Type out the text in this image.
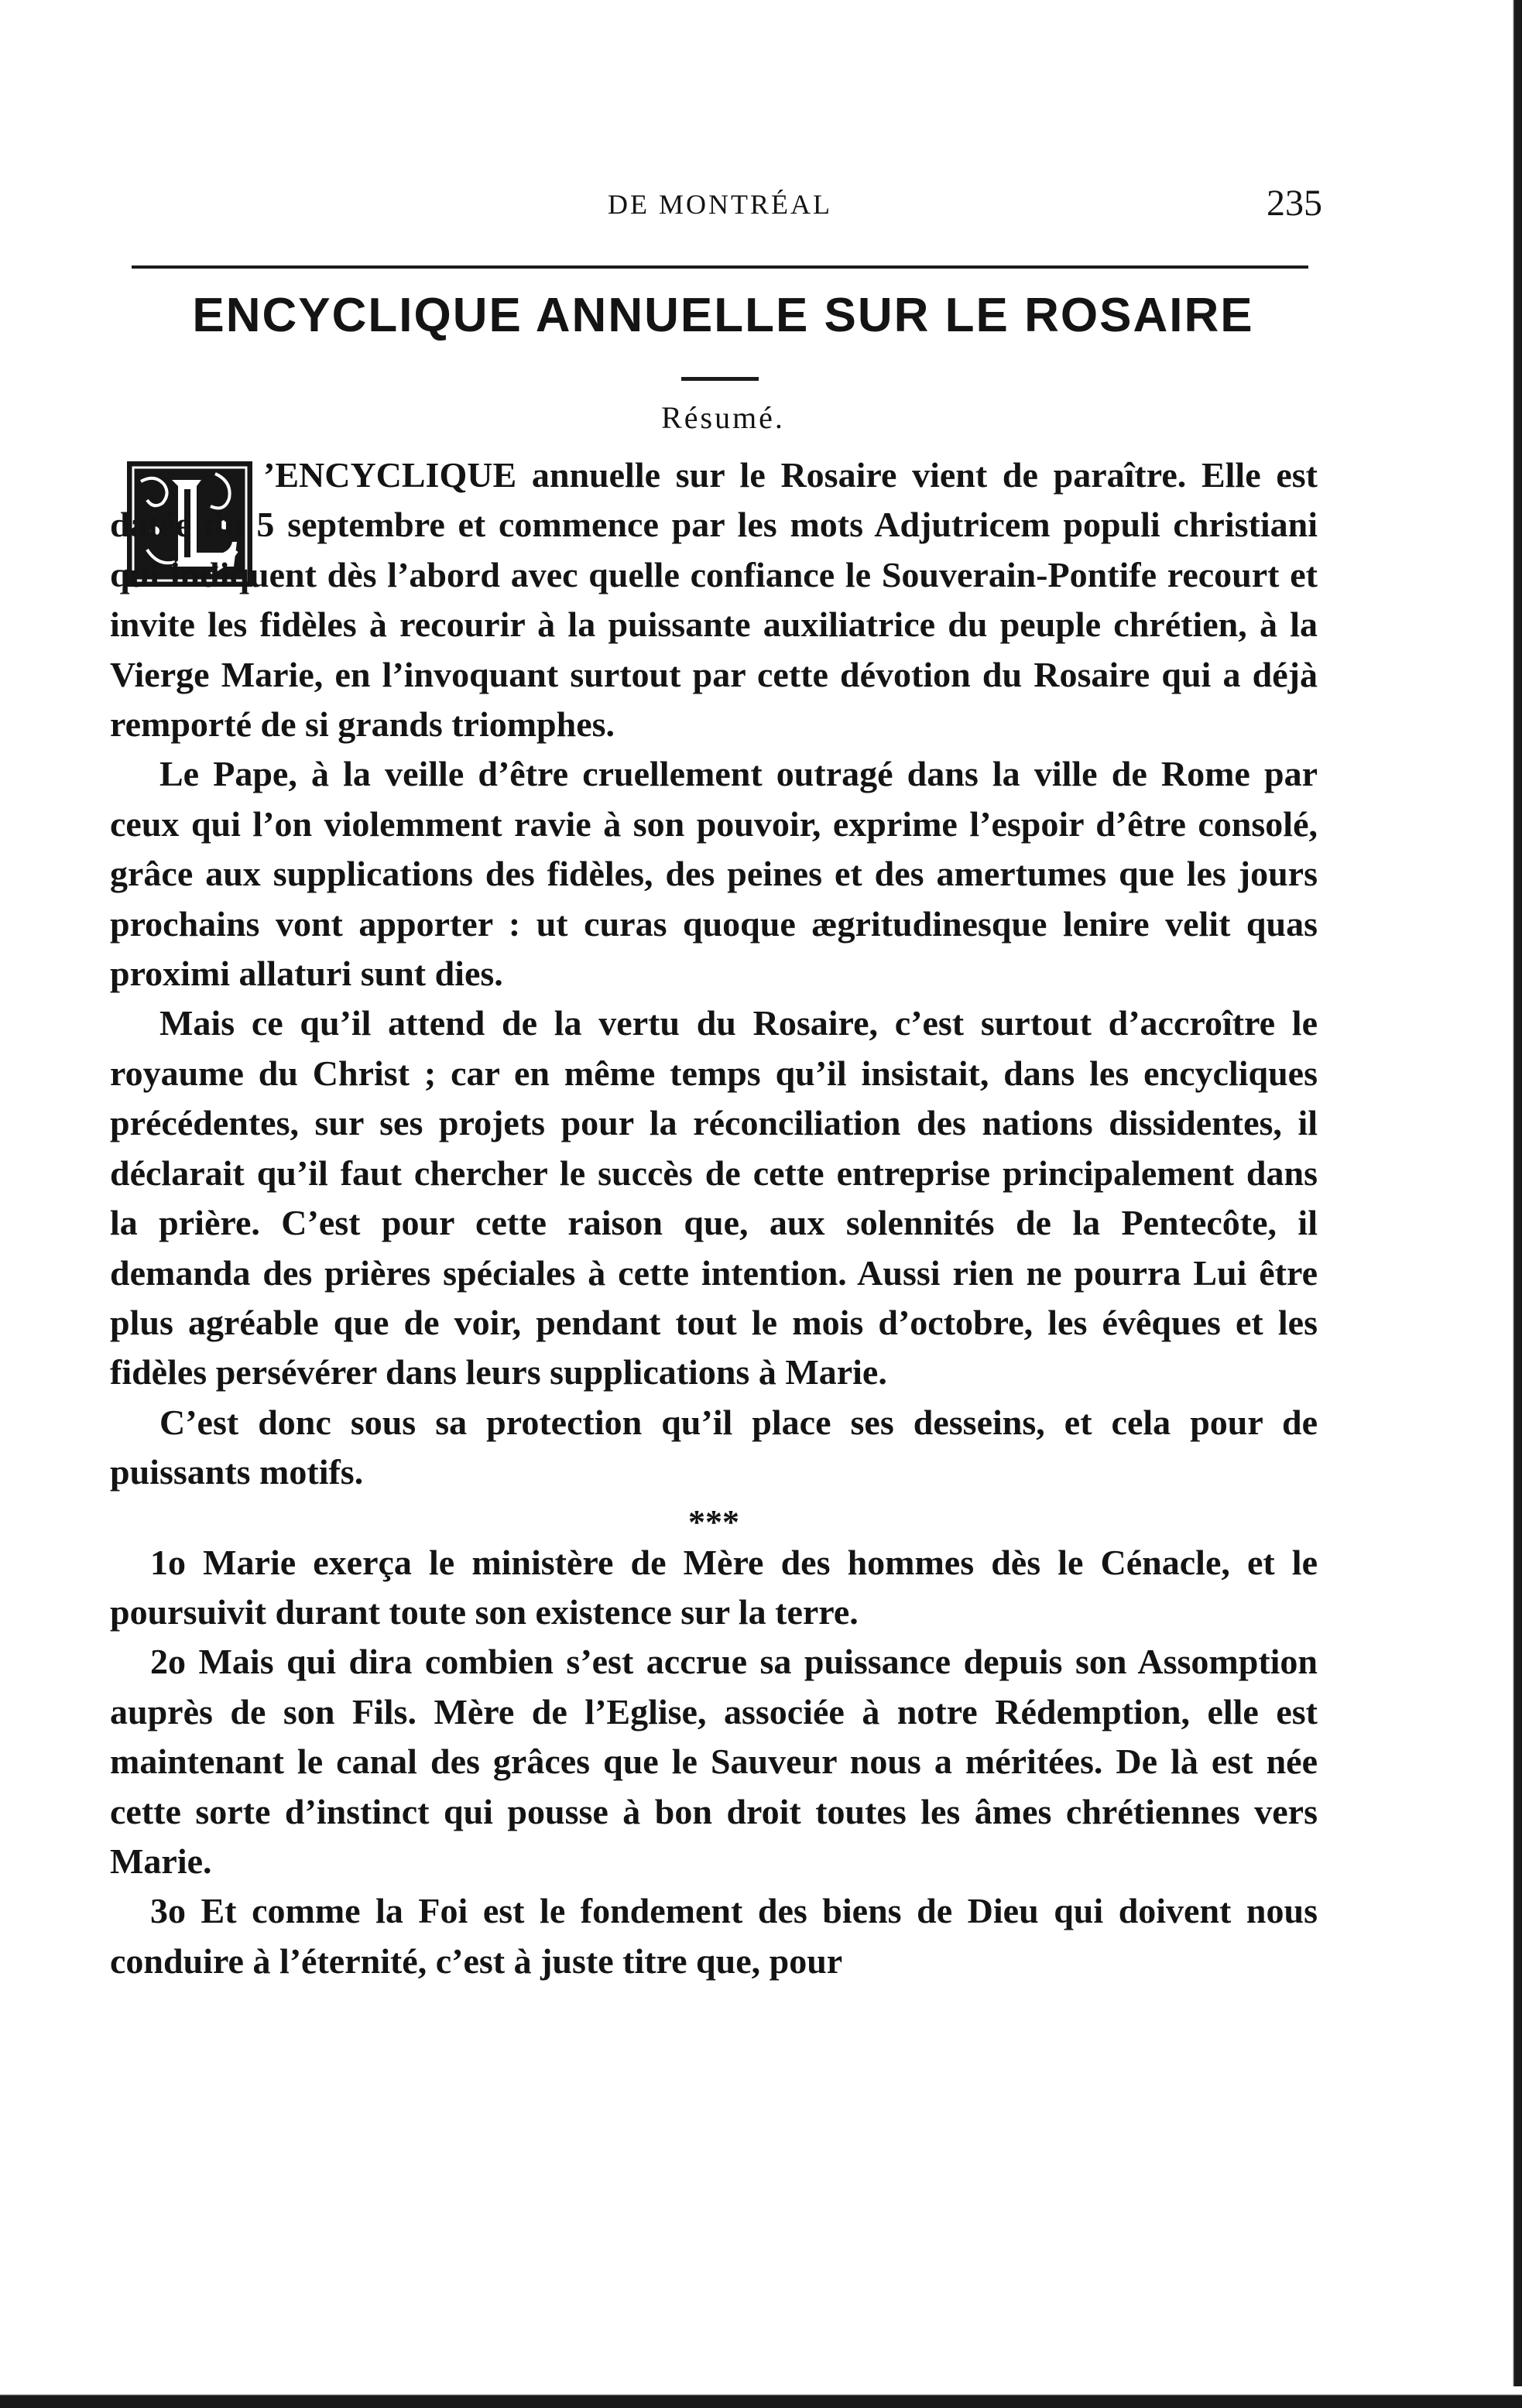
DE MONTRÉAL	235
ENCYCLIQUE ANNUELLE SUR LE ROSAIRE
Résumé.

’ENCYCLIQUE annuelle sur le Rosaire vient de paraître. Elle est datée du 5 septembre et commence par les mots Adjutricem populi christiani qui indiquent dès l’abord avec quelle confiance le Souverain-Pontife recourt et invite les fidèles à recourir à la puissante auxiliatrice du peuple chrétien, à la Vierge Marie, en l’invoquant surtout par cette dévotion du Rosaire qui a déjà remporté de si grands triomphes.

Le Pape, à la veille d’être cruellement outragé dans la ville de Rome par ceux qui l’on violemment ravie à son pouvoir, exprime l’espoir d’être consolé, grâce aux supplications des fidèles, des peines et des amertumes que les jours prochains vont apporter : ut curas quoque ægritudinesque lenire velit quas proximi allaturi sunt dies.

Mais ce qu’il attend de la vertu du Rosaire, c’est surtout d’accroître le royaume du Christ ; car en même temps qu’il insistait, dans les encycliques précédentes, sur ses projets pour la réconciliation des nations dissidentes, il déclarait qu’il faut chercher le succès de cette entreprise principalement dans la prière. C’est pour cette raison que, aux solennités de la Pentecôte, il demanda des prières spéciales à cette intention. Aussi rien ne pourra Lui être plus agréable que de voir, pendant tout le mois d’octobre, les évêques et les fidèles persévérer dans leurs supplications à Marie.

C’est donc sous sa protection qu’il place ses desseins, et cela pour de puissants motifs.

***

1o Marie exerça le ministère de Mère des hommes dès le Cénacle, et le poursuivit durant toute son existence sur la terre.

2o Mais qui dira combien s’est accrue sa puissance depuis son Assomption auprès de son Fils. Mère de l’Eglise, associée à notre Rédemption, elle est maintenant le canal des grâces que le Sauveur nous a méritées. De là est née cette sorte d’instinct qui pousse à bon droit toutes les âmes chrétiennes vers Marie.

3o Et comme la Foi est le fondement des biens de Dieu qui doivent nous conduire à l’éternité, c’est à juste titre que, pour
